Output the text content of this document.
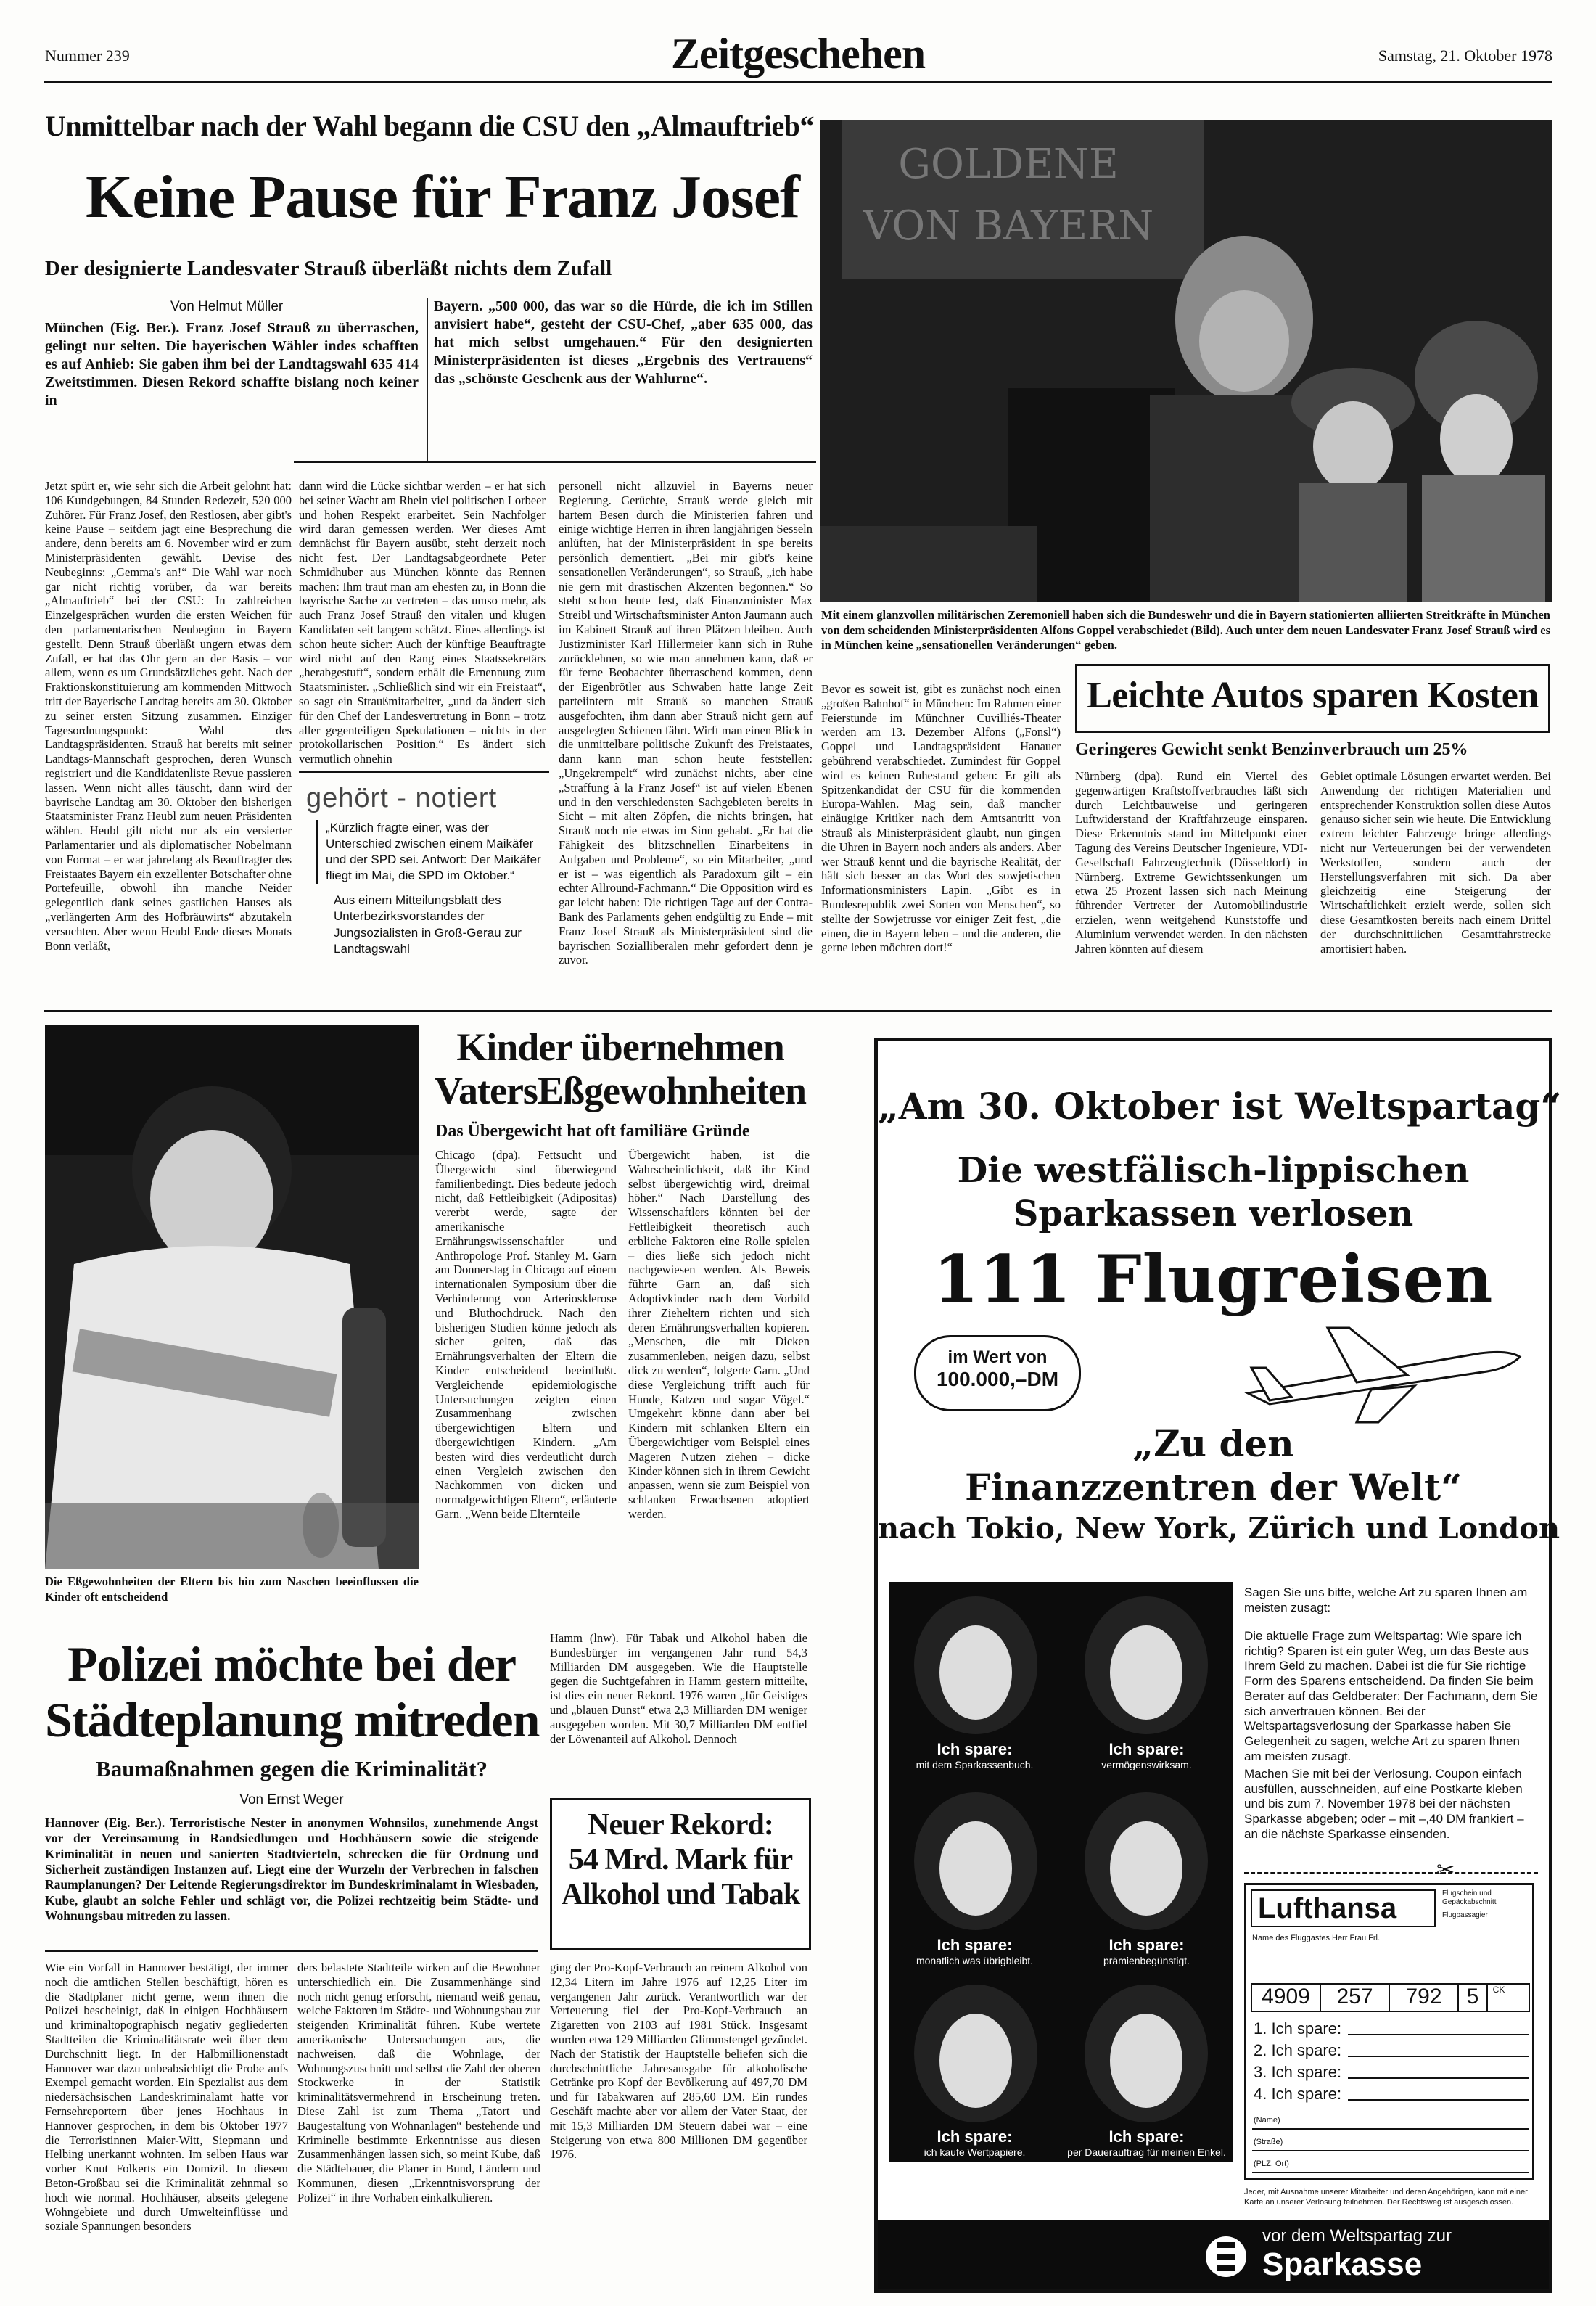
Nummer 239	Zeitgeschehen	Samstag, 21. Oktober 1978
Unmittelbar nach der Wahl begann die CSU den „Almauftrieb“
Keine Pause für Franz Josef
Der designierte Landesvater Strauß überläßt nichts dem Zufall
Von Helmut Müller
München (Eig. Ber.). Franz Josef Strauß zu überraschen, gelingt nur selten. Die bayerischen Wähler indes schafften es auf Anhieb: Sie gaben ihm bei der Landtagswahl 635 414 Zweitstimmen. Diesen Rekord schaffte bislang noch keiner in
Bayern. „500 000, das war so die Hürde, die ich im Stillen anvisiert habe“, gesteht der CSU-Chef, „aber 635 000, das hat mich selbst umgehauen.“ Für den designierten Ministerpräsidenten ist dieses „Ergebnis des Vertrauens“ das „schönste Geschenk aus der Wahlurne“.
Jetzt spürt er, wie sehr sich die Arbeit gelohnt hat: 106 Kundgebungen, 84 Stunden Redezeit, 520 000 Zuhörer. Für Franz Josef, den Restlosen, aber gibt's keine Pause – seitdem jagt eine Besprechung die andere, denn bereits am 6. November wird er zum Ministerpräsidenten gewählt. Devise des Neubeginns: „Gemma's an!“ Die Wahl war noch gar nicht richtig vorüber, da war bereits „Almauftrieb“ bei der CSU: In zahlreichen Einzelgesprächen wurden die ersten Weichen für den parlamentarischen Neubeginn in Bayern gestellt. Denn Strauß überläßt ungern etwas dem Zufall, er hat das Ohr gern an der Basis – vor allem, wenn es um Grundsätzliches geht. Nach der Fraktionskonstituierung am kommenden Mittwoch tritt der Bayerische Landtag bereits am 30. Oktober zu seiner ersten Sitzung zusammen. Einziger Tagesordnungspunkt: Wahl des Landtagspräsidenten. Strauß hat bereits mit seiner Landtags-Mannschaft gesprochen, deren Wunsch registriert und die Kandidatenliste Revue passieren lassen. Wenn nicht alles täuscht, dann wird der bayrische Landtag am 30. Oktober den bisherigen Staatsminister Franz Heubl zum neuen Präsidenten wählen. Heubl gilt nicht nur als ein versierter Parlamentarier und als diplomatischer Nobelmann von Format – er war jahrelang als Beauftragter des Freistaates Bayern ein exzellenter Botschafter ohne Portefeuille, obwohl ihn manche Neider gelegentlich dank seines gastlichen Hauses als „verlängerten Arm des Hofbräuwirts“ abzutakeln versuchten. Aber wenn Heubl Ende dieses Monats Bonn verläßt,
dann wird die Lücke sichtbar werden – er hat sich bei seiner Wacht am Rhein viel politischen Lorbeer und hohen Respekt erarbeitet. Sein Nachfolger wird daran gemessen werden. Wer dieses Amt demnächst für Bayern ausübt, steht derzeit noch nicht fest. Der Landtagsabgeordnete Peter Schmidhuber aus München könnte das Rennen machen: Ihm traut man am ehesten zu, in Bonn die bayrische Sache zu vertreten – das umso mehr, als auch Franz Josef Strauß den vitalen und klugen Kandidaten seit langem schätzt. Eines allerdings ist schon heute sicher: Auch der künftige Beauftragte wird nicht auf den Rang eines Staatssekretärs „herabgestuft“, sondern erhält die Ernennung zum Staatsminister. „Schließlich sind wir ein Freistaat“, so sagt ein Straußmitarbeiter, „und da ändert sich für den Chef der Landesvertretung in Bonn – trotz aller gegenteiligen Spekulationen – nichts in der protokollarischen Position.“ Es ändert sich vermutlich ohnehin
personell nicht allzuviel in Bayerns neuer Regierung. Gerüchte, Strauß werde gleich mit hartem Besen durch die Ministerien fahren und einige wichtige Herren in ihren langjährigen Sesseln anlüften, hat der Ministerpräsident in spe bereits persönlich dementiert. „Bei mir gibt's keine sensationellen Veränderungen“, so Strauß, „ich habe nie gern mit drastischen Akzenten begonnen.“ So steht schon heute fest, daß Finanzminister Max Streibl und Wirtschaftsminister Anton Jaumann auch im Kabinett Strauß auf ihren Plätzen bleiben. Auch Justizminister Karl Hillermeier kann sich in Ruhe zurücklehnen, so wie man annehmen kann, daß er für ferne Beobachter überraschend kommen, denn der Eigenbrötler aus Schwaben hatte lange Zeit parteiintern mit Strauß so manchen Strauß ausgefochten, ihm dann aber Strauß nicht gern auf ausgelegten Schienen fährt. Wirft man einen Blick in die unmittelbare politische Zukunft des Freistaates, dann kann man schon heute feststellen: „Ungekrempelt“ wird zunächst nichts, aber eine „Straffung à la Franz Josef“ ist auf vielen Ebenen und in den verschiedensten Sachgebieten bereits in Sicht – mit alten Zöpfen, die nichts bringen, hat Strauß noch nie etwas im Sinn gehabt. „Er hat die Fähigkeit des blitzschnellen Einarbeitens in Aufgaben und Probleme“, so ein Mitarbeiter, „und er ist – was eigentlich als Paradoxum gilt – ein echter Allround-Fachmann.“ Die Opposition wird es gar leicht haben: Die richtigen Tage auf der Contra-Bank des Parlaments gehen endgültig zu Ende – mit Franz Josef Strauß als Ministerpräsident sind die bayrischen Sozialliberalen mehr gefordert denn je zuvor.
gehört - notiert
„Kürzlich fragte einer, was der Unterschied zwischen einem Maikäfer und der SPD sei. Antwort: Der Maikäfer fliegt im Mai, die SPD im Oktober.“
Aus einem Mitteilungsblatt des Unterbezirksvorstandes der Jungsozialisten in Groß-Gerau zur Landtagswahl
GOLDENE
VON BAYERN
Mit einem glanzvollen militärischen Zeremoniell haben sich die Bundeswehr und die in Bayern stationierten alliierten Streitkräfte in München von dem scheidenden Ministerpräsidenten Alfons Goppel verabschiedet (Bild). Auch unter dem neuen Landesvater Franz Josef Strauß wird es in München keine „sensationellen Veränderungen“ geben.
Bevor es soweit ist, gibt es zunächst noch einen „großen Bahnhof“ in München: Im Rahmen einer Feierstunde im Münchner Cuvilliés-Theater werden am 13. Dezember Alfons („Fonsl“) Goppel und Landtagspräsident Hanauer gebührend verabschiedet. Zumindest für Goppel wird es keinen Ruhestand geben: Er gilt als Spitzenkandidat der CSU für die kommenden Europa-Wahlen. Mag sein, daß mancher einäugige Kritiker nach dem Amtsantritt von Strauß als Ministerpräsident glaubt, nun gingen die Uhren in Bayern noch anders als anders. Aber wer Strauß kennt und die bayrische Realität, der hält sich besser an das Wort des sowjetischen Informationsministers Lapin. „Gibt es in Bundesrepublik zwei Sorten von Menschen“, so stellte der Sowjetrusse vor einiger Zeit fest, „die einen, die in Bayern leben – und die anderen, die gerne leben möchten dort!“
Leichte Autos sparen Kosten
Geringeres Gewicht senkt Benzinverbrauch um 25%
Nürnberg (dpa). Rund ein Viertel des gegenwärtigen Kraftstoffverbrauches läßt sich durch Leichtbauweise und geringeren Luftwiderstand der Kraftfahrzeuge einsparen. Diese Erkenntnis stand im Mittelpunkt einer Tagung des Vereins Deutscher Ingenieure, VDI-Gesellschaft Fahrzeugtechnik (Düsseldorf) in Nürnberg. Extreme Gewichtssenkungen um etwa 25 Prozent lassen sich nach Meinung führender Vertreter der Automobilindustrie erzielen, wenn weitgehend Kunststoffe und Aluminium verwendet werden. In den nächsten Jahren könnten auf diesem
Gebiet optimale Lösungen erwartet werden. Bei Anwendung der richtigen Materialien und entsprechender Konstruktion sollen diese Autos genauso sicher sein wie heute. Die Entwicklung extrem leichter Fahrzeuge bringe allerdings nicht nur Verteuerungen bei der verwendeten Werkstoffen, sondern auch der Herstellungsverfahren mit sich. Da aber gleichzeitig eine Steigerung der Wirtschaftlichkeit erzielt werde, sollen sich diese Gesamtkosten bereits nach einem Drittel der durchschnittlichen Gesamtfahrstrecke amortisiert haben.
Die Eßgewohnheiten der Eltern bis hin zum Naschen beeinflussen die Kinder oft entscheidend
Kinder übernehmen
VatersEßgewohnheiten
Das Übergewicht hat oft familiäre Gründe
Chicago (dpa). Fettsucht und Übergewicht sind überwiegend familienbedingt. Dies bedeute jedoch nicht, daß Fettleibigkeit (Adipositas) vererbt werde, sagte der amerikanische Ernährungswissenschaftler und Anthropologe Prof. Stanley M. Garn am Donnerstag in Chicago auf einem internationalen Symposium über die Verhinderung von Arteriosklerose und Bluthochdruck. Nach den bisherigen Studien könne jedoch als sicher gelten, daß das Ernährungsverhalten der Eltern die Kinder entscheidend beeinflußt. Vergleichende epidemiologische Untersuchungen zeigten einen Zusammenhang zwischen übergewichtigen Eltern und übergewichtigen Kindern. „Am besten wird dies verdeutlicht durch einen Vergleich zwischen den Nachkommen von dicken und normalgewichtigen Eltern“, erläuterte Garn. „Wenn beide Elternteile
Übergewicht haben, ist die Wahrscheinlichkeit, daß ihr Kind selbst übergewichtig wird, dreimal höher.“ Nach Darstellung des Wissenschaftlers könnten bei der Fettleibigkeit theoretisch auch erbliche Faktoren eine Rolle spielen – dies ließe sich jedoch nicht nachgewiesen werden. Als Beweis führte Garn an, daß sich Adoptivkinder nach dem Vorbild ihrer Zieheltern richten und sich deren Ernährungsverhalten kopieren. „Menschen, die mit Dicken zusammenleben, neigen dazu, selbst dick zu werden“, folgerte Garn. „Und diese Vergleichung trifft auch für Hunde, Katzen und sogar Vögel.“ Umgekehrt könne dann aber bei Kindern mit schlanken Eltern ein Übergewichtiger vom Beispiel eines Mageren Nutzen ziehen – dicke Kinder können sich in ihrem Gewicht anpassen, wenn sie zum Beispiel von schlanken Erwachsenen adoptiert werden.
Polizei möchte bei der
Städteplanung mitreden
Baumaßnahmen gegen die Kriminalität?
Von Ernst Weger
Hannover (Eig. Ber.). Terroristische Nester in anonymen Wohnsilos, zunehmende Angst vor der Vereinsamung in Randsiedlungen und Hochhäusern sowie die steigende Kriminalität in neuen und sanierten Stadtvierteln, schrecken die für Ordnung und Sicherheit zuständigen Instanzen auf. Liegt eine der Wurzeln der Verbrechen in falschen Raumplanungen? Der Leitende Regierungsdirektor im Bundeskriminalamt in Wiesbaden, Kube, glaubt an solche Fehler und schlägt vor, die Polizei rechtzeitig beim Städte- und Wohnungsbau mitreden zu lassen.
Wie ein Vorfall in Hannover bestätigt, der immer noch die amtlichen Stellen beschäftigt, hören es die Stadtplaner nicht gerne, wenn ihnen die Polizei bescheinigt, daß in einigen Hochhäusern und kriminaltopographisch negativ gegliederten Stadtteilen die Kriminalitätsrate weit über dem Durchschnitt liegt. In der Halbmillionenstadt Hannover war dazu unbeabsichtigt die Probe aufs Exempel gemacht worden. Ein Spezialist aus dem niedersächsischen Landeskriminalamt hatte vor Fernsehreportern über jenes Hochhaus in Hannover gesprochen, in dem bis Oktober 1977 die Terroristinnen Maier-Witt, Siepmann und Helbing unerkannt wohnten. Im selben Haus war vorher Knut Folkerts ein Domizil. In diesem Beton-Großbau sei die Kriminalität zehnmal so hoch wie normal. Hochhäuser, abseits gelegene Wohngebiete und durch Umwelteinflüsse und soziale Spannungen besonders
ders belastete Stadtteile wirken auf die Bewohner unterschiedlich ein. Die Zusammenhänge sind noch nicht genug erforscht, niemand weiß genau, welche Faktoren im Städte- und Wohnungsbau zur steigenden Kriminalität führen. Kube wertete amerikanische Untersuchungen aus, die nachweisen, daß die Wohnlage, der Wohnungszuschnitt und selbst die Zahl der oberen Stockwerke in der Statistik kriminalitätsvermehrend in Erscheinung treten. Diese Zahl ist zum Thema „Tatort und Baugestaltung von Wohnanlagen“ bestehende und Kriminelle bestimmte Erkenntnisse aus diesen Zusammenhängen lassen sich, so meint Kube, daß die Städtebauer, die Planer in Bund, Ländern und Kommunen, diesen „Erkenntnisvorsprung der Polizei“ in ihre Vorhaben einkalkulieren.
Hamm (lnw). Für Tabak und Alkohol haben die Bundesbürger im vergangenen Jahr rund 54,3 Milliarden DM ausgegeben. Wie die Hauptstelle gegen die Suchtgefahren in Hamm gestern mitteilte, ist dies ein neuer Rekord. 1976 waren „für Geistiges und „blauen Dunst“ etwa 2,3 Milliarden DM weniger ausgegeben worden. Mit 30,7 Milliarden DM entfiel der Löwenanteil auf Alkohol. Dennoch
Neuer Rekord:
54 Mrd. Mark für
Alkohol und Tabak
ging der Pro-Kopf-Verbrauch an reinem Alkohol von 12,34 Litern im Jahre 1976 auf 12,25 Liter im vergangenen Jahr zurück. Verantwortlich war der Verteuerung fiel der Pro-Kopf-Verbrauch an Zigaretten von 2103 auf 1981 Stück. Insgesamt wurden etwa 129 Milliarden Glimmstengel gezündet. Nach der Statistik der Hauptstelle beliefen sich die durchschnittliche Jahresausgabe für alkoholische Getränke pro Kopf der Bevölkerung auf 497,70 DM und für Tabakwaren auf 285,60 DM. Ein rundes Geschäft machte aber vor allem der Vater Staat, der mit 15,3 Milliarden DM Steuern dabei war – eine Steigerung von etwa 800 Millionen DM gegenüber 1976.
„Am 30. Oktober ist Weltspartag“
Die westfälisch-lippischen
Sparkassen verlosen
111 Flugreisen
im Wert von
100.000,–DM
„Zu den
Finanzzentren der Welt“
nach Tokio, New York, Zürich und London
Ich spare:
mit dem Sparkassenbuch.
Ich spare:
vermögenswirksam.
Ich spare:
monatlich was übrigbleibt.
Ich spare:
prämienbegünstigt.
Ich spare:
ich kaufe Wertpapiere.
Ich spare:
per Dauerauftrag für meinen Enkel.
Sagen Sie uns bitte, welche Art zu sparen Ihnen am meisten zusagt:
Die aktuelle Frage zum Weltspartag: Wie spare ich richtig? Sparen ist ein guter Weg, um das Beste aus Ihrem Geld zu machen. Dabei ist die für Sie richtige Form des Sparens entscheidend. Da finden Sie beim Berater auf das Geldberater: Der Fachmann, dem Sie sich anvertrauen können. Bei der Weltspartagsverlosung der Sparkasse haben Sie Gelegenheit zu sagen, welche Art zu sparen Ihnen am meisten zusagt.
Machen Sie mit bei der Verlosung. Coupon einfach ausfüllen, ausschneiden, auf eine Postkarte kleben und bis zum 7. November 1978 bei der nächsten Sparkasse abgeben; oder – mit –,40 DM frankiert – an die nächste Sparkasse einsenden.
✂
Lufthansa	Flugschein und Gepäckabschnitt
Flugpassagier
Name des Fluggastes Herr Frau Frl.
4909	257	792	5	CK
1. Ich spare:
2. Ich spare:
3. Ich spare:
4. Ich spare:
(Name)
(Straße)
(PLZ, Ort)
Jeder, mit Ausnahme unserer Mitarbeiter und deren Angehörigen, kann mit einer Karte an unserer Verlosung teilnehmen. Der Rechtsweg ist ausgeschlossen.
vor dem Weltspartag zur
Sparkasse
